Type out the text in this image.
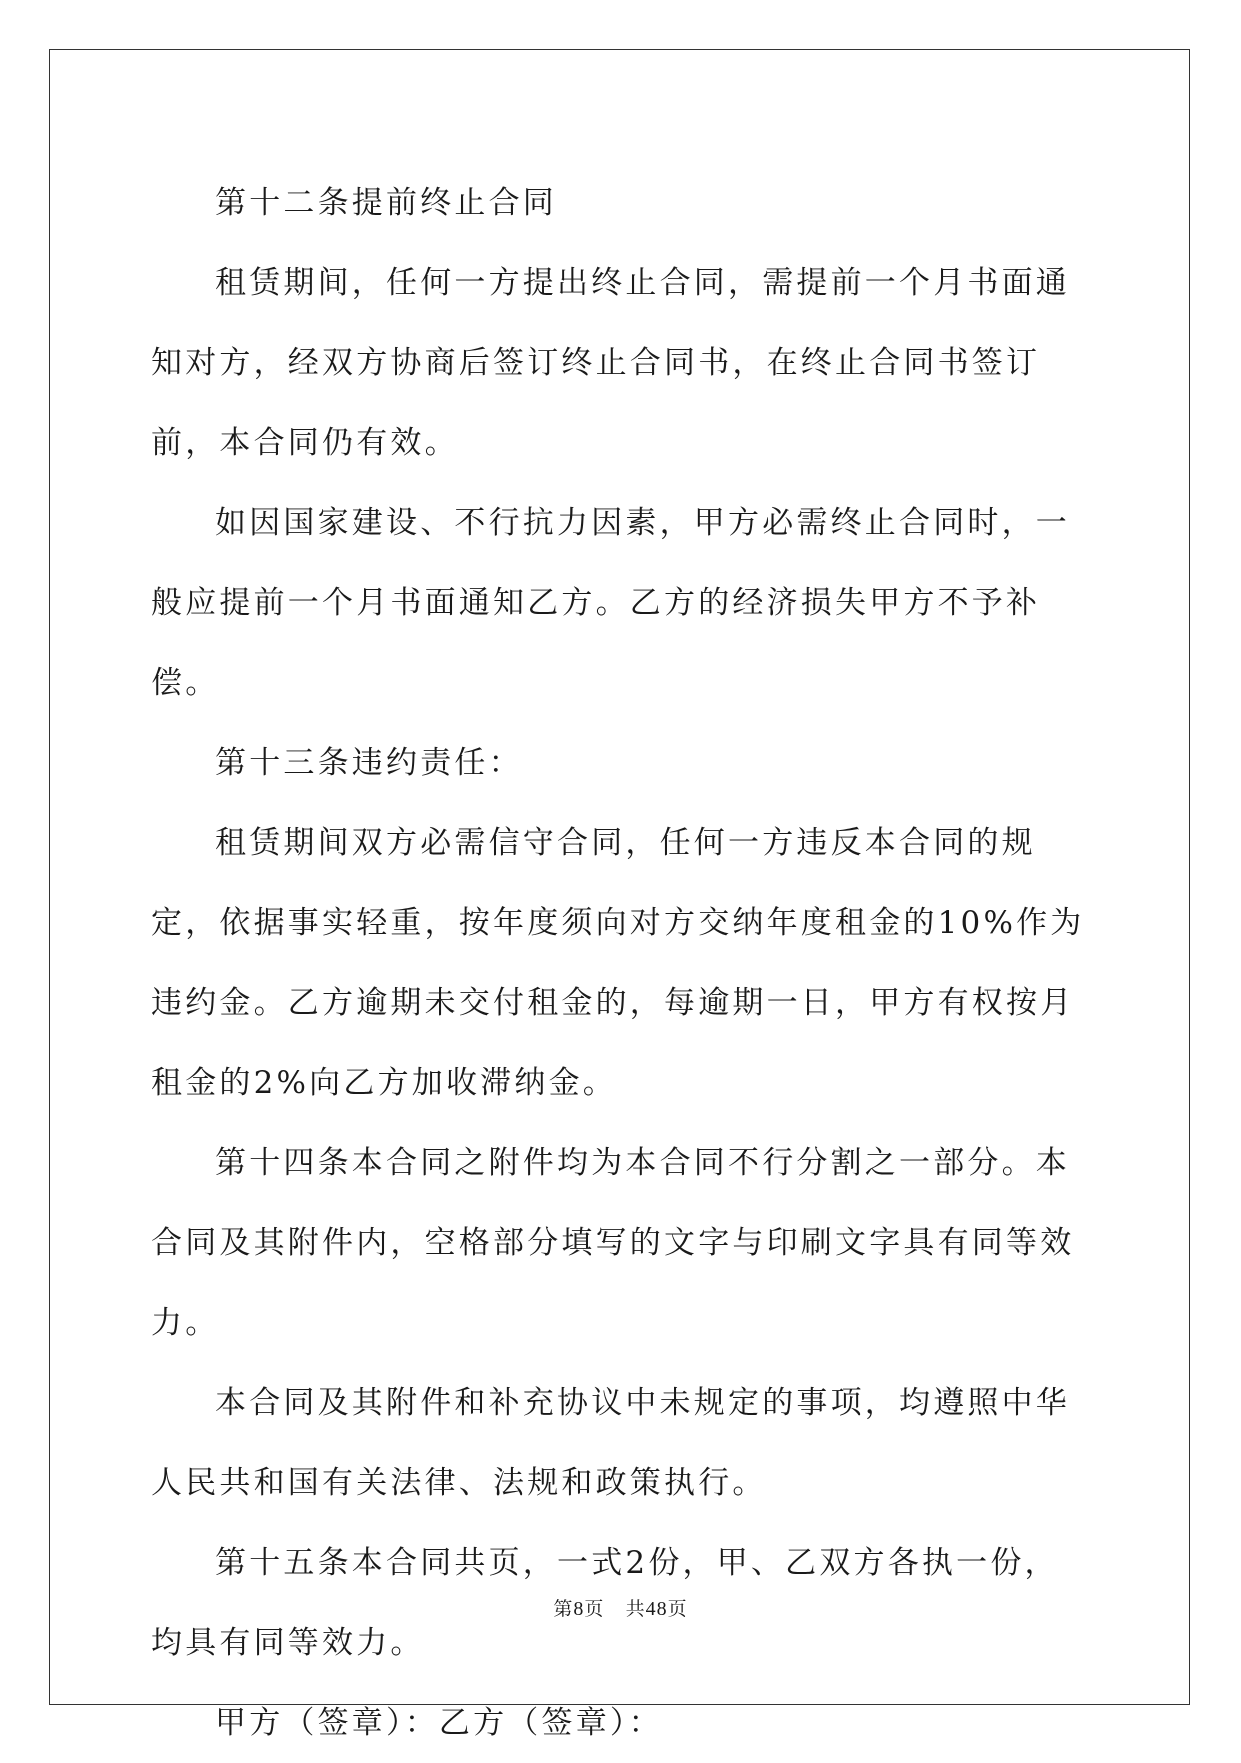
第十二条提前终止合同

租赁期间，任何一方提出终止合同，需提前一个月书面通知对方，经双方协商后签订终止合同书，在终止合同书签订前，本合同仍有效。

如因国家建设、不行抗力因素，甲方必需终止合同时，一般应提前一个月书面通知乙方。乙方的经济损失甲方不予补偿。

第十三条违约责任：

租赁期间双方必需信守合同，任何一方违反本合同的规定，依据事实轻重，按年度须向对方交纳年度租金的10%作为违约金。乙方逾期未交付租金的，每逾期一日，甲方有权按月租金的2%向乙方加收滞纳金。

第十四条本合同之附件均为本合同不行分割之一部分。本合同及其附件内，空格部分填写的文字与印刷文字具有同等效力。

本合同及其附件和补充协议中未规定的事项，均遵照中华人民共和国有关法律、法规和政策执行。

第十五条本合同共页，一式2份，甲、乙双方各执一份，均具有同等效力。

甲方（签章）：乙方（签章）：

第8页 共48页
